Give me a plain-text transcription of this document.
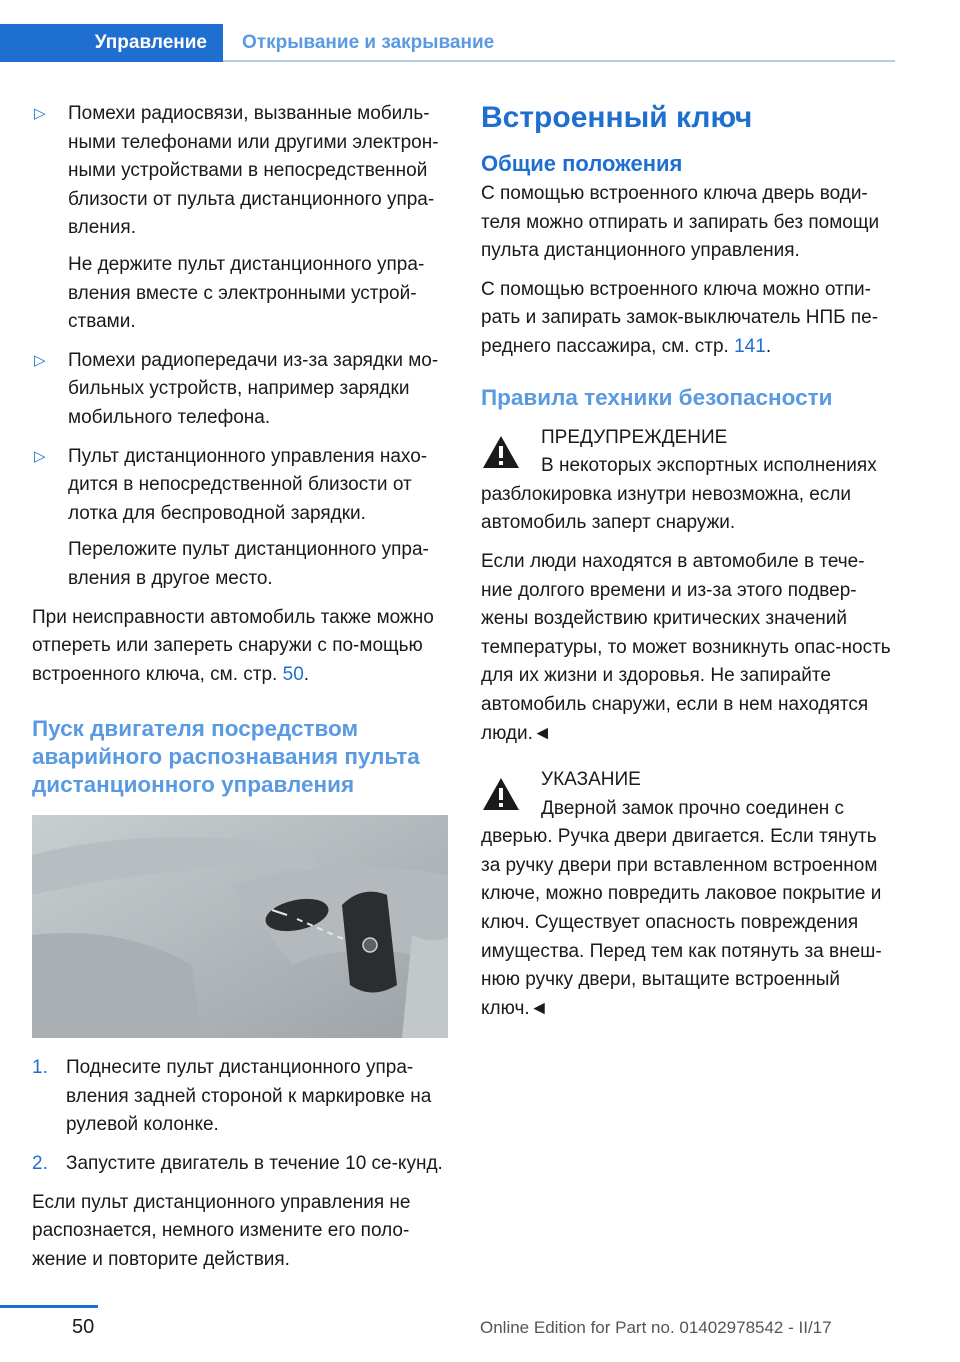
Управление	Открывание и закрывание
▷	Помехи радиосвязи, вызванные мобиль-ными телефонами или другими электрон-ными устройствами в непосредственной близости от пульта дистанционного упра-вления.

Не держите пульт дистанционного упра-вления вместе с электронными устрой-ствами.

▷	Помехи радиопередачи из-за зарядки мо-бильных устройств, например зарядки мобильного телефона.

▷	Пульт дистанционного управления нахо-дится в непосредственной близости от лотка для беспроводной зарядки.

Переложите пульт дистанционного упра-вления в другое место.

При неисправности автомобиль также можно отпереть или запереть снаружи с по-мощью встроенного ключа, см. стр. 50.

Пуск двигателя посредством аварийного распознавания пульта дистанционного управления
1. Поднесите пульт дистанционного упра-вления задней стороной к маркировке на рулевой колонке.

2. Запустите двигатель в течение 10 се-кунд.

Если пульт дистанционного управления не распознается, немного измените его поло-жение и повторите действия.

Встроенный ключ
Общие положения

С помощью встроенного ключа дверь води-теля можно отпирать и запирать без помощи пульта дистанционного управления.

С помощью встроенного ключа можно отпи-рать и запирать замок-выключатель НПБ пе-реднего пассажира, см. стр. 141.

Правила техники безопасности
ПРЕДУПРЕЖДЕНИЕ
В некоторых экспортных исполнениях

разблокировка изнутри невозможна, если автомобиль заперт снаружи.

Если люди находятся в автомобиле в тече-ние долгого времени и из-за этого подвер-жены воздействию критических значений температуры, то может возникнуть опас-ность для их жизни и здоровья. Не запирайте автомобиль снаружи, если в нем находятся люди.◄

УКАЗАНИЕ
Дверной замок прочно соединен с

дверью. Ручка двери двигается. Если тянуть за ручку двери при вставленном встроенном ключе, можно повредить лаковое покрытие и ключ. Существует опасность повреждения имущества. Перед тем как потянуть за внеш-нюю ручку двери, вытащите встроенный ключ.◄

50	Online Edition for Part no. 01402978542 - II/17
